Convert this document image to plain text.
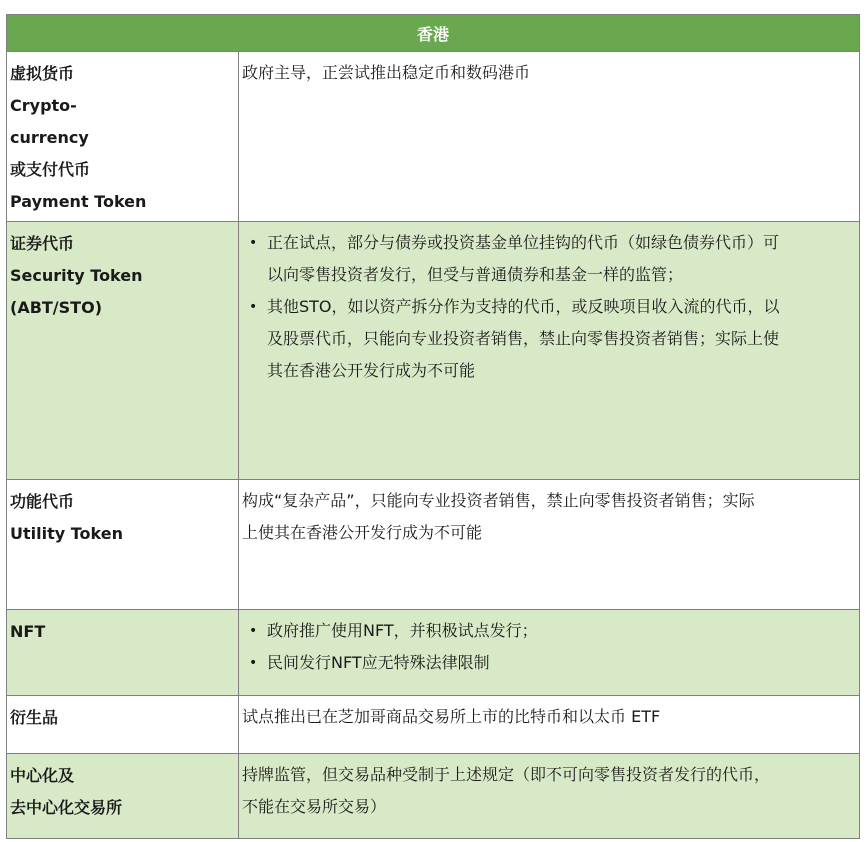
香港
虚拟货币
Crypto-
currency
或支付代币
Payment Token
政府主导，正尝试推出稳定币和数码港币
证券代币
Security Token
(ABT/STO)
• 正在试点，部分与债券或投资基金单位挂钩的代币（如绿色债券代币）可
以向零售投资者发行，但受与普通债券和基金一样的监管；
• 其他STO，如以资产拆分作为支持的代币，或反映项目收入流的代币，以
及股票代币，只能向专业投资者销售，禁止向零售投资者销售；实际上使
其在香港公开发行成为不可能
功能代币
Utility Token
构成“复杂产品”，只能向专业投资者销售，禁止向零售投资者销售；实际
上使其在香港公开发行成为不可能
NFT	• 政府推广使用NFT，并积极试点发行；
• 民间发行NFT应无特殊法律限制
衍生品	试点推出已在芝加哥商品交易所上市的比特币和以太币 ETF
中心化及
去中心化交易所
持牌监管，但交易品种受制于上述规定（即不可向零售投资者发行的代币，
不能在交易所交易）
